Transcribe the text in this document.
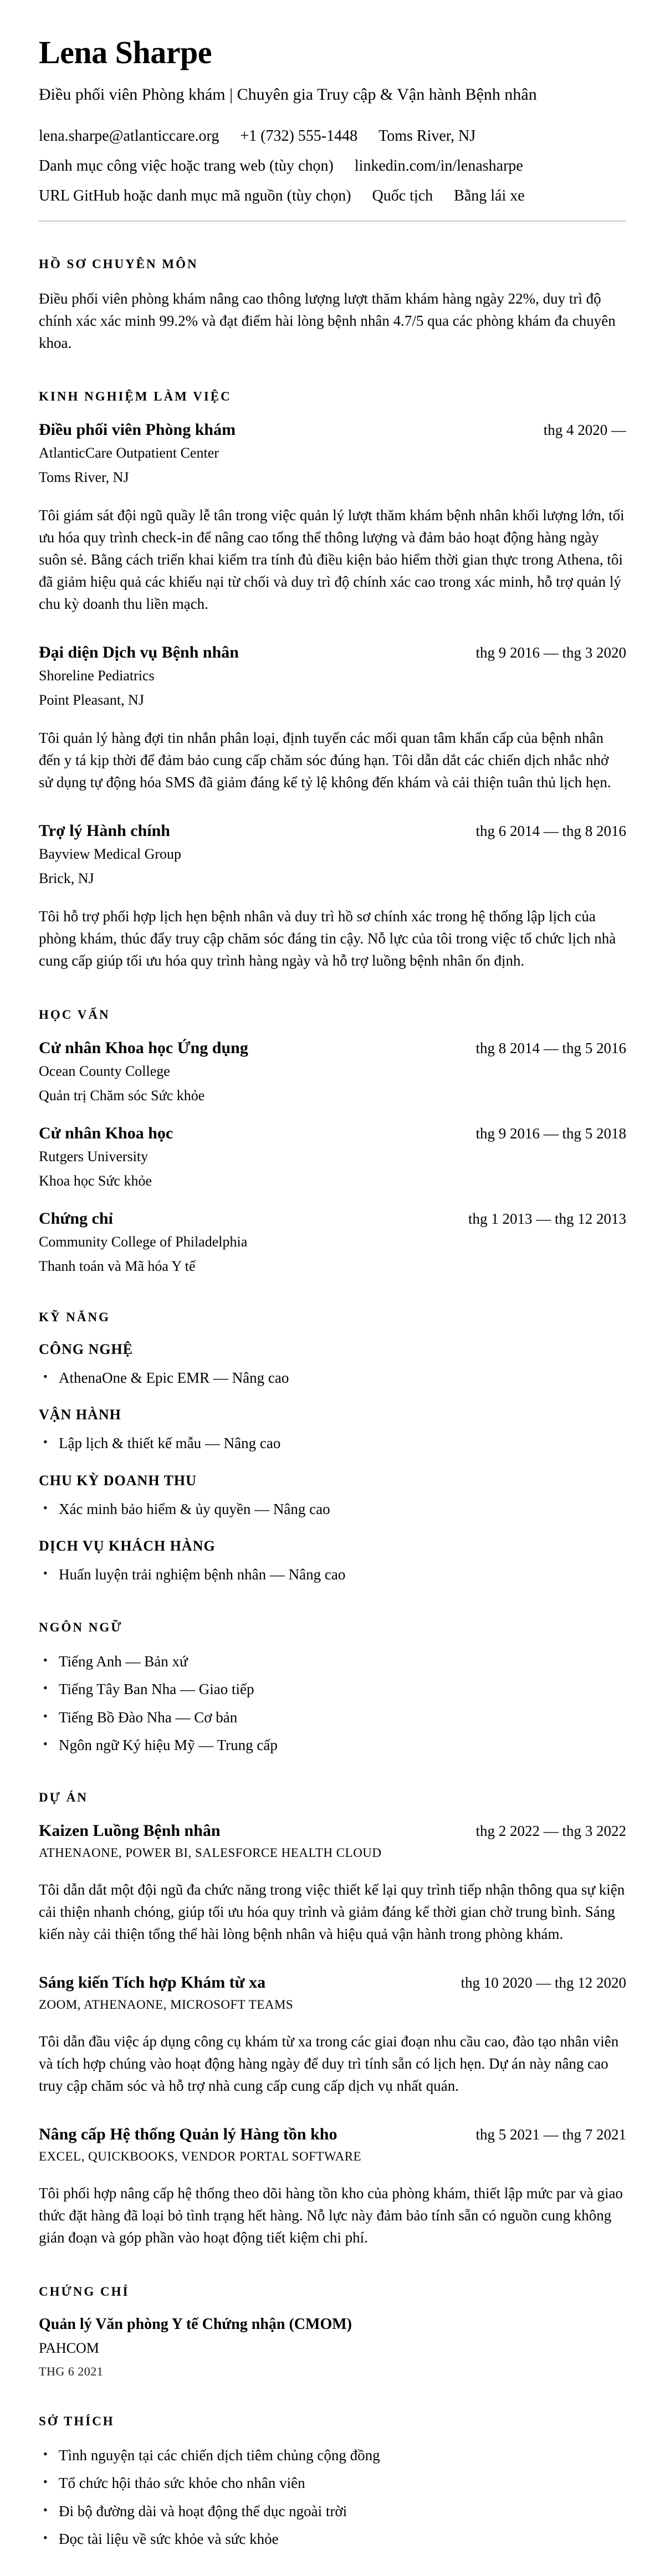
Lena Sharpe

Điều phối viên Phòng khám | Chuyên gia Truy cập & Vận hành Bệnh nhân

lena.sharpe@atlanticcare.org +1 (732) 555-1448 Toms River, NJ
Danh mục công việc hoặc trang web (tùy chọn) linkedin.com/in/lenasharpe
URL GitHub hoặc danh mục mã nguồn (tùy chọn) Quốc tịch Bằng lái xe
HỒ SƠ CHUYÊN MÔN

Điều phối viên phòng khám nâng cao thông lượng lượt thăm khám hàng ngày 22%, duy trì độ chính xác xác minh 99.2% và đạt điểm hài lòng bệnh nhân 4.7/5 qua các phòng khám đa chuyên khoa.

KINH NGHIỆM LÀM VIỆC
Điều phối viên Phòng khám	thg 4 2020 —

AtlanticCare Outpatient Center

Toms River, NJ

Tôi giám sát đội ngũ quầy lễ tân trong việc quản lý lượt thăm khám bệnh nhân khối lượng lớn, tối ưu hóa quy trình check-in để nâng cao tổng thể thông lượng và đảm bảo hoạt động hàng ngày suôn sẻ. Bằng cách triển khai kiểm tra tính đủ điều kiện bảo hiểm thời gian thực trong Athena, tôi đã giảm hiệu quả các khiếu nại từ chối và duy trì độ chính xác cao trong xác minh, hỗ trợ quản lý chu kỳ doanh thu liền mạch.

Đại diện Dịch vụ Bệnh nhân	thg 9 2016 — thg 3 2020

Shoreline Pediatrics

Point Pleasant, NJ

Tôi quản lý hàng đợi tin nhắn phân loại, định tuyến các mối quan tâm khẩn cấp của bệnh nhân đến y tá kịp thời để đảm bảo cung cấp chăm sóc đúng hạn. Tôi dẫn dắt các chiến dịch nhắc nhở sử dụng tự động hóa SMS đã giảm đáng kể tỷ lệ không đến khám và cải thiện tuân thủ lịch hẹn.

Trợ lý Hành chính	thg 6 2014 — thg 8 2016

Bayview Medical Group

Brick, NJ

Tôi hỗ trợ phối hợp lịch hẹn bệnh nhân và duy trì hồ sơ chính xác trong hệ thống lập lịch của phòng khám, thúc đẩy truy cập chăm sóc đáng tin cậy. Nỗ lực của tôi trong việc tổ chức lịch nhà cung cấp giúp tối ưu hóa quy trình hàng ngày và hỗ trợ luồng bệnh nhân ổn định.

HỌC VẤN
Cử nhân Khoa học Ứng dụng	thg 8 2014 — thg 5 2016

Ocean County College

Quản trị Chăm sóc Sức khỏe

Cử nhân Khoa học	thg 9 2016 — thg 5 2018

Rutgers University

Khoa học Sức khỏe

Chứng chỉ	thg 1 2013 — thg 12 2013

Community College of Philadelphia

Thanh toán và Mã hóa Y tế

KỸ NĂNG
CÔNG NGHỆ
• AthenaOne & Epic EMR — Nâng cao
VẬN HÀNH
• Lập lịch & thiết kế mẫu — Nâng cao
CHU KỲ DOANH THU
• Xác minh bảo hiểm & ủy quyền — Nâng cao
DỊCH VỤ KHÁCH HÀNG
• Huấn luyện trải nghiệm bệnh nhân — Nâng cao
NGÔN NGỮ
• Tiếng Anh — Bản xứ
• Tiếng Tây Ban Nha — Giao tiếp
• Tiếng Bồ Đào Nha — Cơ bản
• Ngôn ngữ Ký hiệu Mỹ — Trung cấp
DỰ ÁN
Kaizen Luồng Bệnh nhân	thg 2 2022 — thg 3 2022

ATHENAONE, POWER BI, SALESFORCE HEALTH CLOUD

Tôi dẫn dắt một đội ngũ đa chức năng trong việc thiết kế lại quy trình tiếp nhận thông qua sự kiện cải thiện nhanh chóng, giúp tối ưu hóa quy trình và giảm đáng kể thời gian chờ trung bình. Sáng kiến này cải thiện tổng thể hài lòng bệnh nhân và hiệu quả vận hành trong phòng khám.

Sáng kiến Tích hợp Khám từ xa	thg 10 2020 — thg 12 2020

ZOOM, ATHENAONE, MICROSOFT TEAMS

Tôi dẫn đầu việc áp dụng công cụ khám từ xa trong các giai đoạn nhu cầu cao, đào tạo nhân viên và tích hợp chúng vào hoạt động hàng ngày để duy trì tính sẵn có lịch hẹn. Dự án này nâng cao truy cập chăm sóc và hỗ trợ nhà cung cấp cung cấp dịch vụ nhất quán.

Nâng cấp Hệ thống Quản lý Hàng tồn kho	thg 5 2021 — thg 7 2021

EXCEL, QUICKBOOKS, VENDOR PORTAL SOFTWARE

Tôi phối hợp nâng cấp hệ thống theo dõi hàng tồn kho của phòng khám, thiết lập mức par và giao thức đặt hàng đã loại bỏ tình trạng hết hàng. Nỗ lực này đảm bảo tính sẵn có nguồn cung không gián đoạn và góp phần vào hoạt động tiết kiệm chi phí.

CHỨNG CHỈ

Quản lý Văn phòng Y tế Chứng nhận (CMOM)

PAHCOM

THG 6 2021

SỞ THÍCH
• Tình nguyện tại các chiến dịch tiêm chủng cộng đồng
• Tổ chức hội thảo sức khỏe cho nhân viên
• Đi bộ đường dài và hoạt động thể dục ngoài trời
• Đọc tài liệu về sức khỏe và sức khỏe
